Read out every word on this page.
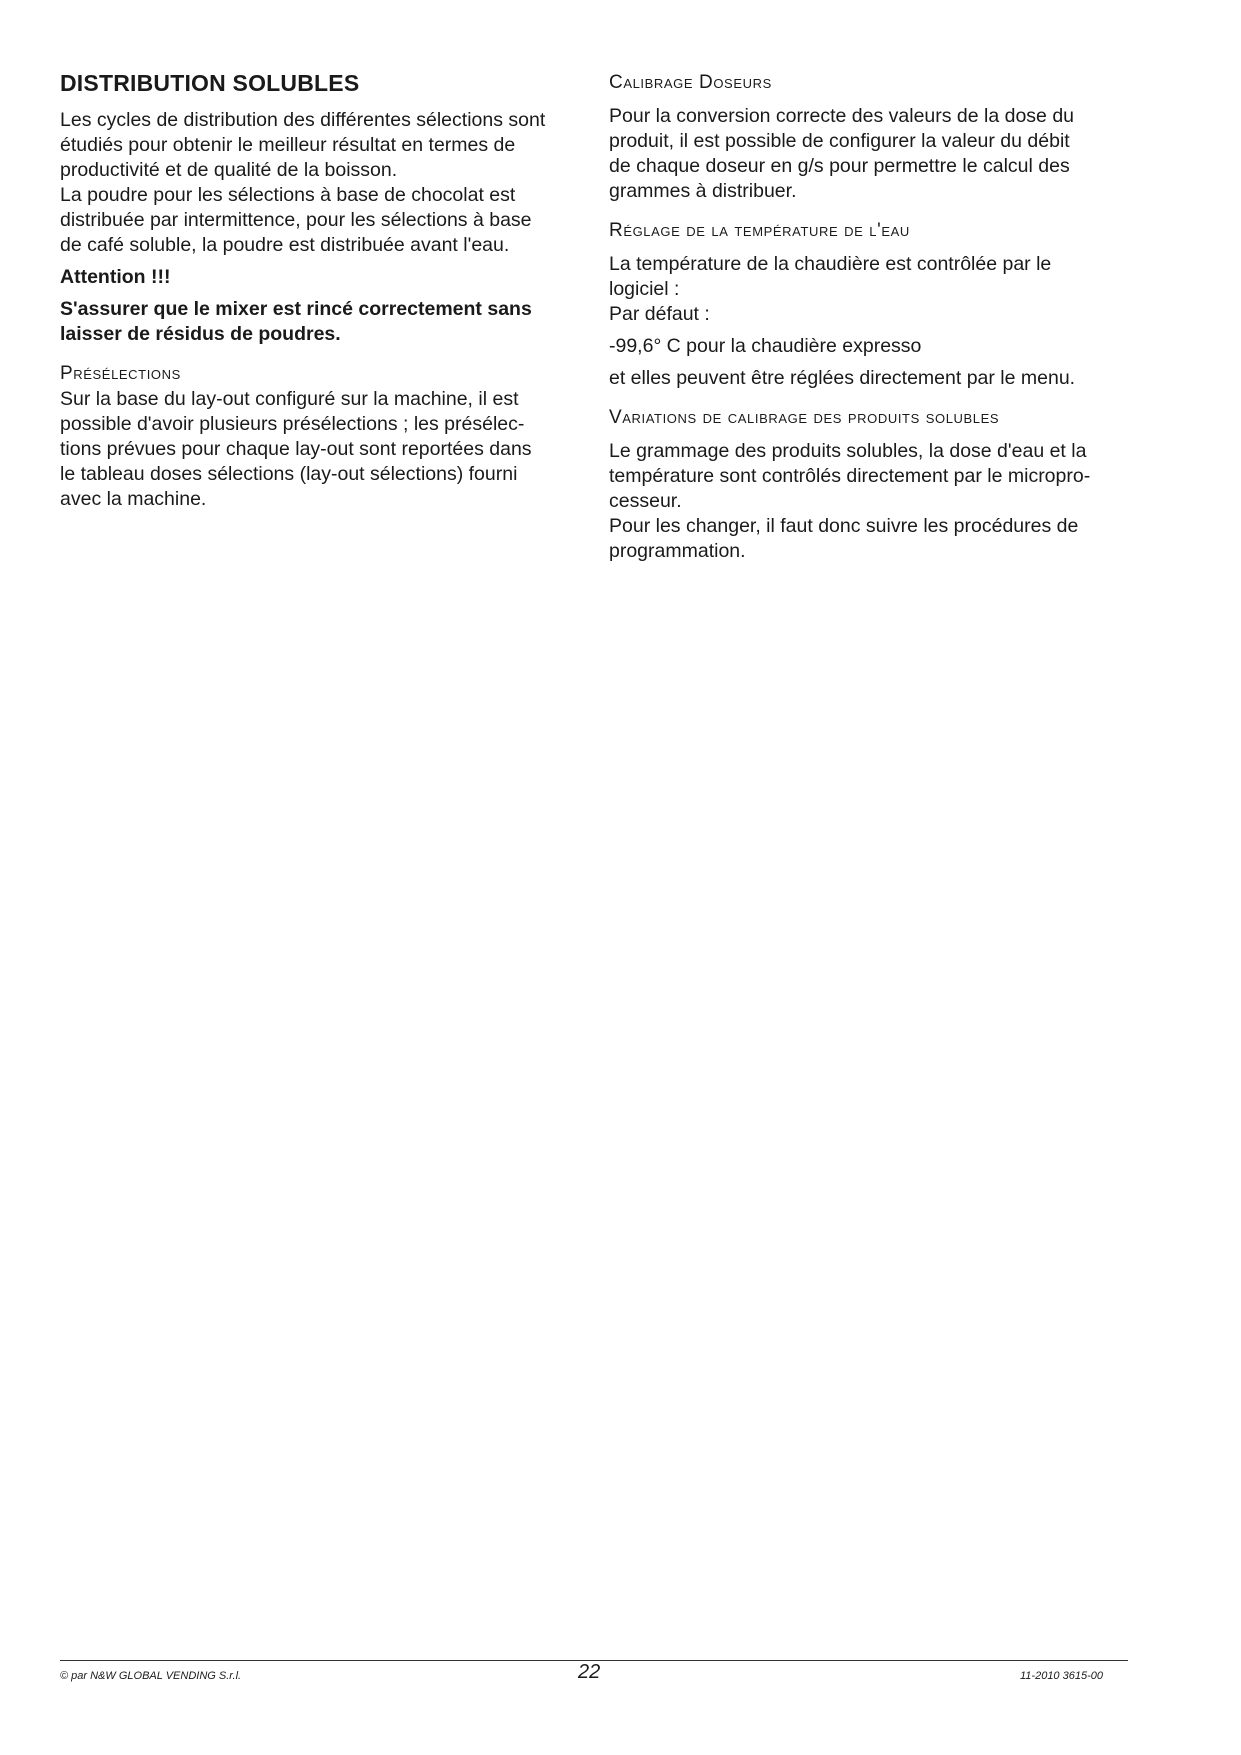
DISTRIBUTION SOLUBLES

Les cycles de distribution des différentes sélections sont
étudiés pour obtenir le meilleur résultat en termes de
productivité et de qualité de la boisson.
La poudre pour les sélections à base de chocolat est
distribuée par intermittence, pour les sélections à base
de café soluble, la poudre est distribuée avant l'eau.

Attention !!!

S'assurer que le mixer est rincé correctement sans
laisser de résidus de poudres.

Présélections

Sur la base du lay-out configuré sur la machine, il est
possible d'avoir plusieurs présélections ; les présélec-
tions prévues pour chaque lay-out sont reportées dans
le tableau doses sélections (lay-out sélections) fourni
avec la machine.

Calibrage Doseurs

Pour la conversion correcte des valeurs de la dose du
produit, il est possible de configurer la valeur du débit
de chaque doseur en g/s pour permettre le calcul des
grammes à distribuer.

Réglage de la température de l'eau

La température de la chaudière est contrôlée par le
logiciel :
Par défaut :

-99,6° C pour la chaudière expresso

et elles peuvent être réglées directement par le menu.

Variations de calibrage des produits solubles

Le grammage des produits solubles, la dose d'eau et la
température sont contrôlés directement par le micropro-
cesseur.
Pour les changer, il faut donc suivre les procédures de
programmation.

© par N&W GLOBAL VENDING S.r.l.	22	11-2010 3615-00
